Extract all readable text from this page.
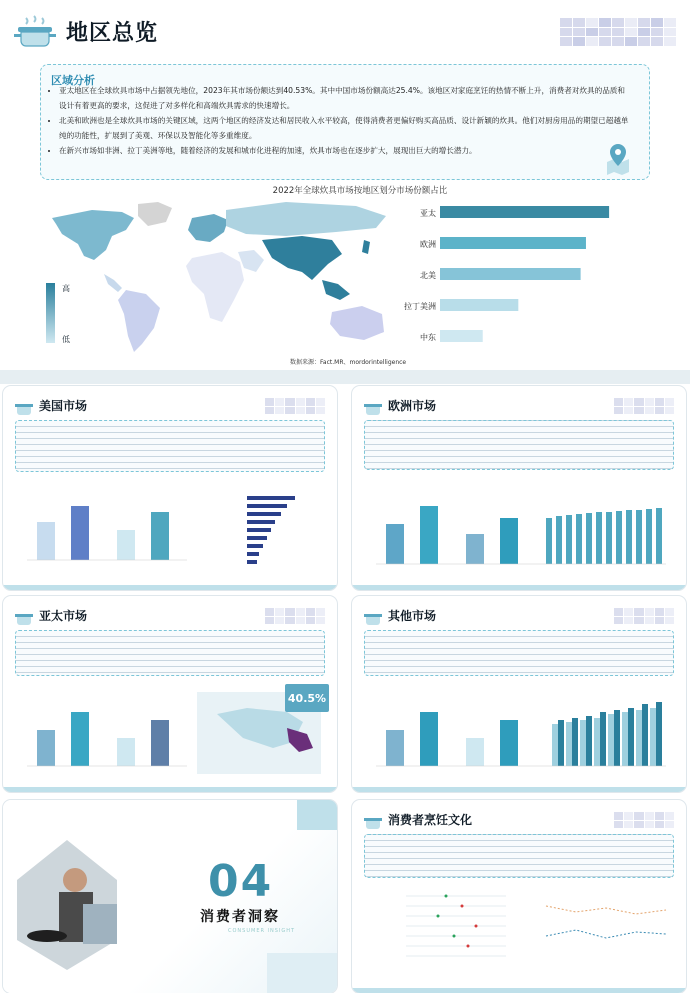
地区总览
区域分析
• 亚太地区在全球炊具市场中占据领先地位，2023年其市场份额达到40.53%。其中中国市场份额高达25.4%。该地区对家庭烹饪的热情不断上升，消费者对炊具的品质和设计有着更高的要求，这促进了对多样化和高端炊具需求的快速增长。
• 北美和欧洲也是全球炊具市场的关键区域，这两个地区的经济发达和居民收入水平较高，使得消费者更偏好购买高品质、设计新颖的炊具。他们对厨房用品的期望已超越单纯的功能性，扩展到了美观、环保以及智能化等多重维度。
• 在新兴市场如非洲、拉丁美洲等地，随着经济的发展和城市化进程的加速，炊具市场也在逐步扩大，展现出巨大的增长潜力。
2022年全球炊具市场按地区划分市场份额占比
高
低
亚太
欧洲
北美
拉丁美洲
中东
数据来源：Fact.MR、mordorintelligence
美国市场	欧洲市场
亚太市场
40.5%
其他市场
04
消费者洞察
CONSUMER INSIGHT
消费者烹饪文化
